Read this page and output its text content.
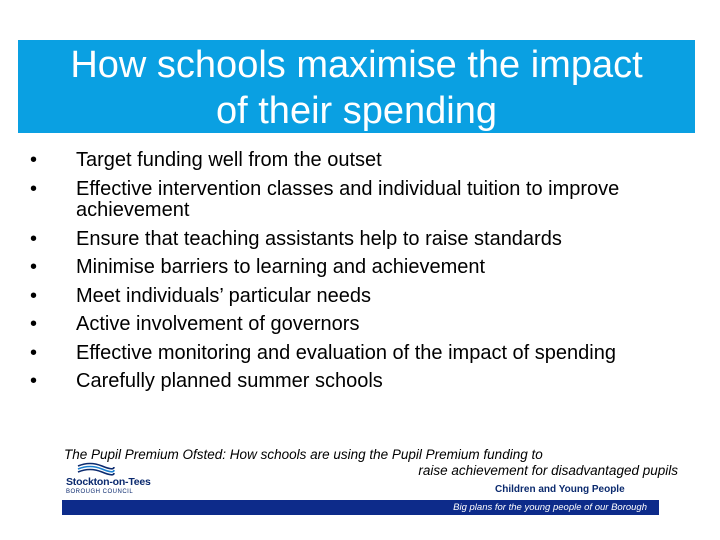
How schools maximise the impact
of their spending
•	Target funding well from the outset
•	Effective intervention classes and individual tuition to improve achievement
•	Ensure that teaching assistants help to raise standards
•	Minimise barriers to learning and achievement
•	Meet individuals’ particular needs
•	Active involvement of governors
•	Effective monitoring and evaluation of the impact of spending
•	Carefully planned summer schools
The Pupil Premium Ofsted: How schools are using the Pupil Premium funding to
raise achievement for disadvantaged pupils
Stockton-on-Tees
BOROUGH COUNCIL	Children and Young People
Big plans for the young people of our Borough
